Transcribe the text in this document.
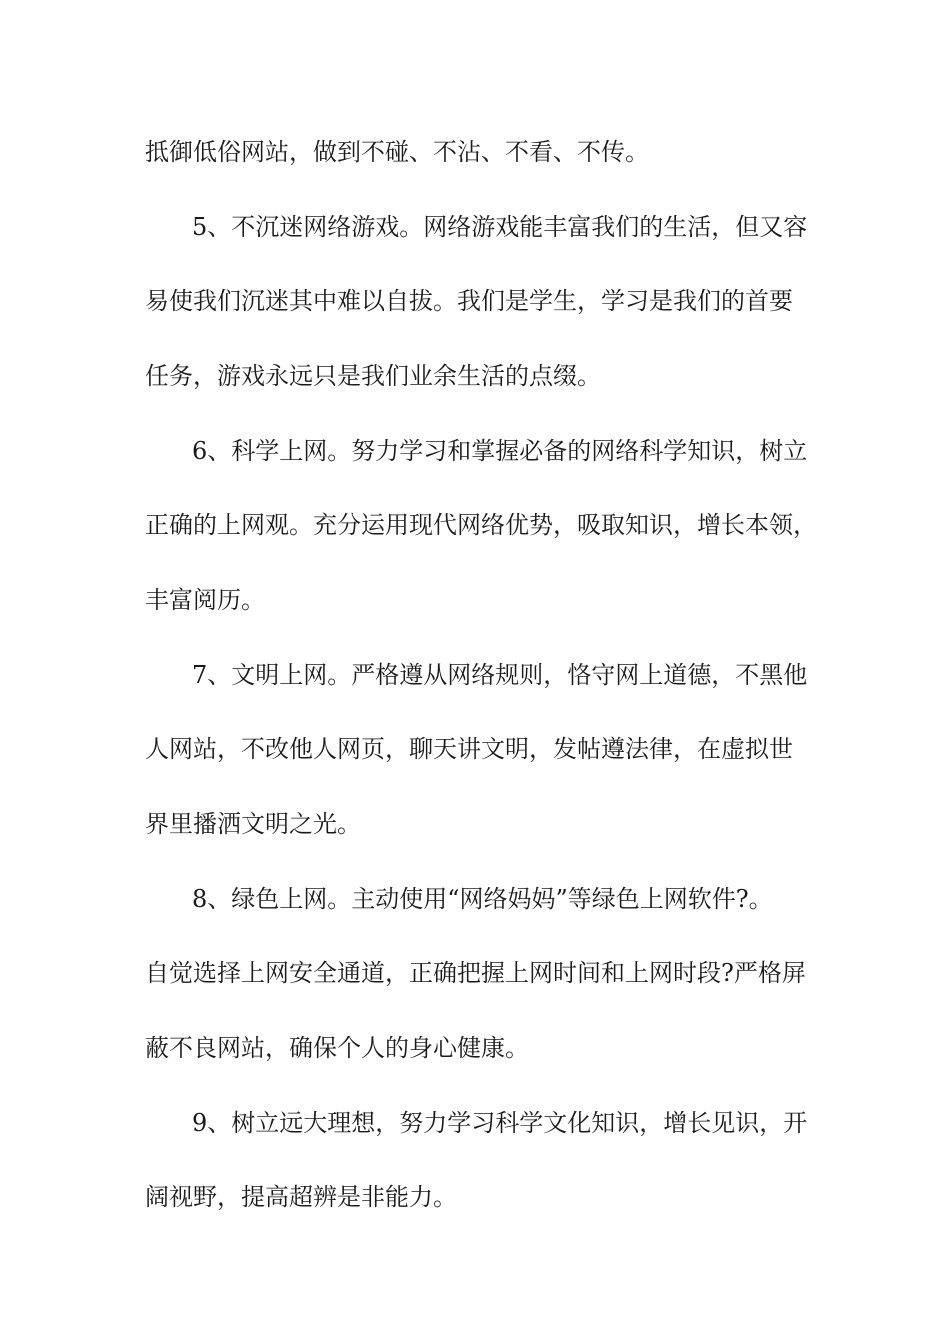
抵御低俗网站，做到不碰、不沾、不看、不传。
5、不沉迷网络游戏。网络游戏能丰富我们的生活，但又容
易使我们沉迷其中难以自拔。我们是学生，学习是我们的首要
任务，游戏永远只是我们业余生活的点缀。
6、科学上网。努力学习和掌握必备的网络科学知识，树立
正确的上网观。充分运用现代网络优势，吸取知识，增长本领，
丰富阅历。
7、文明上网。严格遵从网络规则，恪守网上道德，不黑他
人网站，不改他人网页，聊天讲文明，发帖遵法律，在虚拟世
界里播洒文明之光。
8、绿色上网。主动使用“网络妈妈”等绿色上网软件?。
自觉选择上网安全通道，正确把握上网时间和上网时段?严格屏
蔽不良网站，确保个人的身心健康。
9、树立远大理想，努力学习科学文化知识，增长见识，开
阔视野，提高超辨是非能力。
